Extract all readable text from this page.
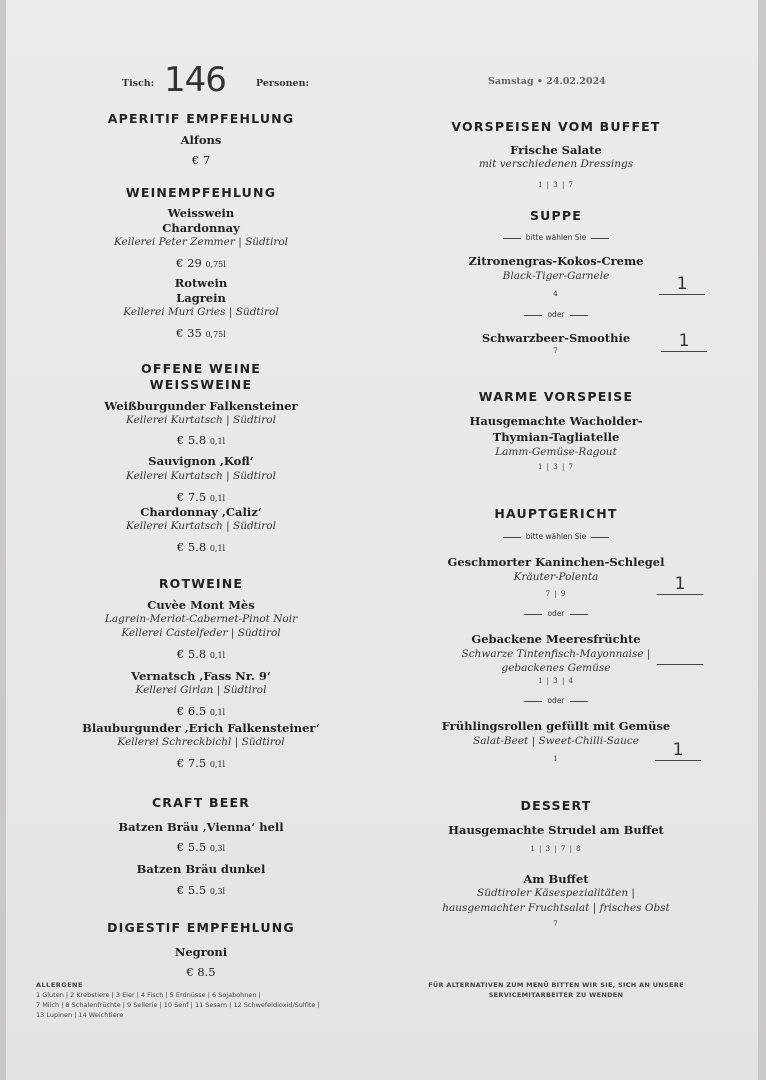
Tisch: 146	Personen:	Samstag • 24.02.2024
APERITIF EMPFEHLUNG
Alfons
€ 7
WEINEMPFEHLUNG
Weisswein
Chardonnay
Kellerei Peter Zemmer | Südtirol
€ 29 0,75l
Rotwein
Lagrein
Kellerei Muri Gries | Südtirol
€ 35 0,75l
OFFENE WEINE
WEISSWEINE
Weißburgunder Falkensteiner
Kellerei Kurtatsch | Südtirol
€ 5.8 0,1l
Sauvignon ‚Kofl‘
Kellerei Kurtatsch | Südtirol
€ 7.5 0,1l
Chardonnay ‚Caliz‘
Kellerei Kurtatsch | Südtirol
€ 5.8 0,1l
ROTWEINE
Cuvèe Mont Mès
Lagrein-Merlot-Cabernet-Pinot Noir
Kellerei Castelfeder | Südtirol
€ 5.8 0,1l
Vernatsch ‚Fass Nr. 9‘
Kellerei Girlan | Südtirol
€ 6.5 0,1l
Blauburgunder ‚Erich Falkensteiner‘
Kellerei Schreckbichl | Südtirol
€ 7.5 0,1l
CRAFT BEER
Batzen Bräu ‚Vienna‘ hell
€ 5.5 0,3l
Batzen Bräu dunkel
€ 5.5 0,3l
DIGESTIF EMPFEHLUNG
Negroni
€ 8.5
VORSPEISEN VOM BUFFET
Frische Salate
mit verschiedenen Dressings
1 | 3 | 7
SUPPE
bitte wählen Sie
Zitronengras-Kokos-Creme
Black-Tiger-Garnele
4
oder
Schwarzbeer-Smoothie
7
WARME VORSPEISE
Hausgemachte Wacholder-
Thymian-Tagliatelle
Lamm-Gemüse-Ragout
1 | 3 | 7
HAUPTGERICHT
bitte wählen Sie
Geschmorter Kaninchen-Schlegel
Kräuter-Polenta
7 | 9
oder
Gebackene Meeresfrüchte
Schwarze Tintenfisch-Mayonnaise |
gebackenes Gemüse
1 | 3 | 4
oder
Frühlingsrollen gefüllt mit Gemüse
Salat-Beet | Sweet-Chilli-Sauce
1
DESSERT
Hausgemachte Strudel am Buffet
1 | 3 | 7 | 8
Am Buffet
Südtiroler Käsespezialitäten |
hausgemachter Fruchtsalat | frisches Obst
7
1
1
1
1
ALLERGENE
1 Gluten | 2 Krebstiere | 3 Eier | 4 Fisch | 5 Erdnüsse | 6 Sojabohnen |
7 Milch | 8 Schalenfrüchte | 9 Sellerie | 10 Senf | 11 Sesam | 12 Schwefeldioxid/Sulfite |
13 Lupinen | 14 Weichtiere
FÜR ALTERNATIVEN ZUM MENÜ BITTEN WIR SIE, SICH AN UNSERE
SERVICEMITARBEITER ZU WENDEN
